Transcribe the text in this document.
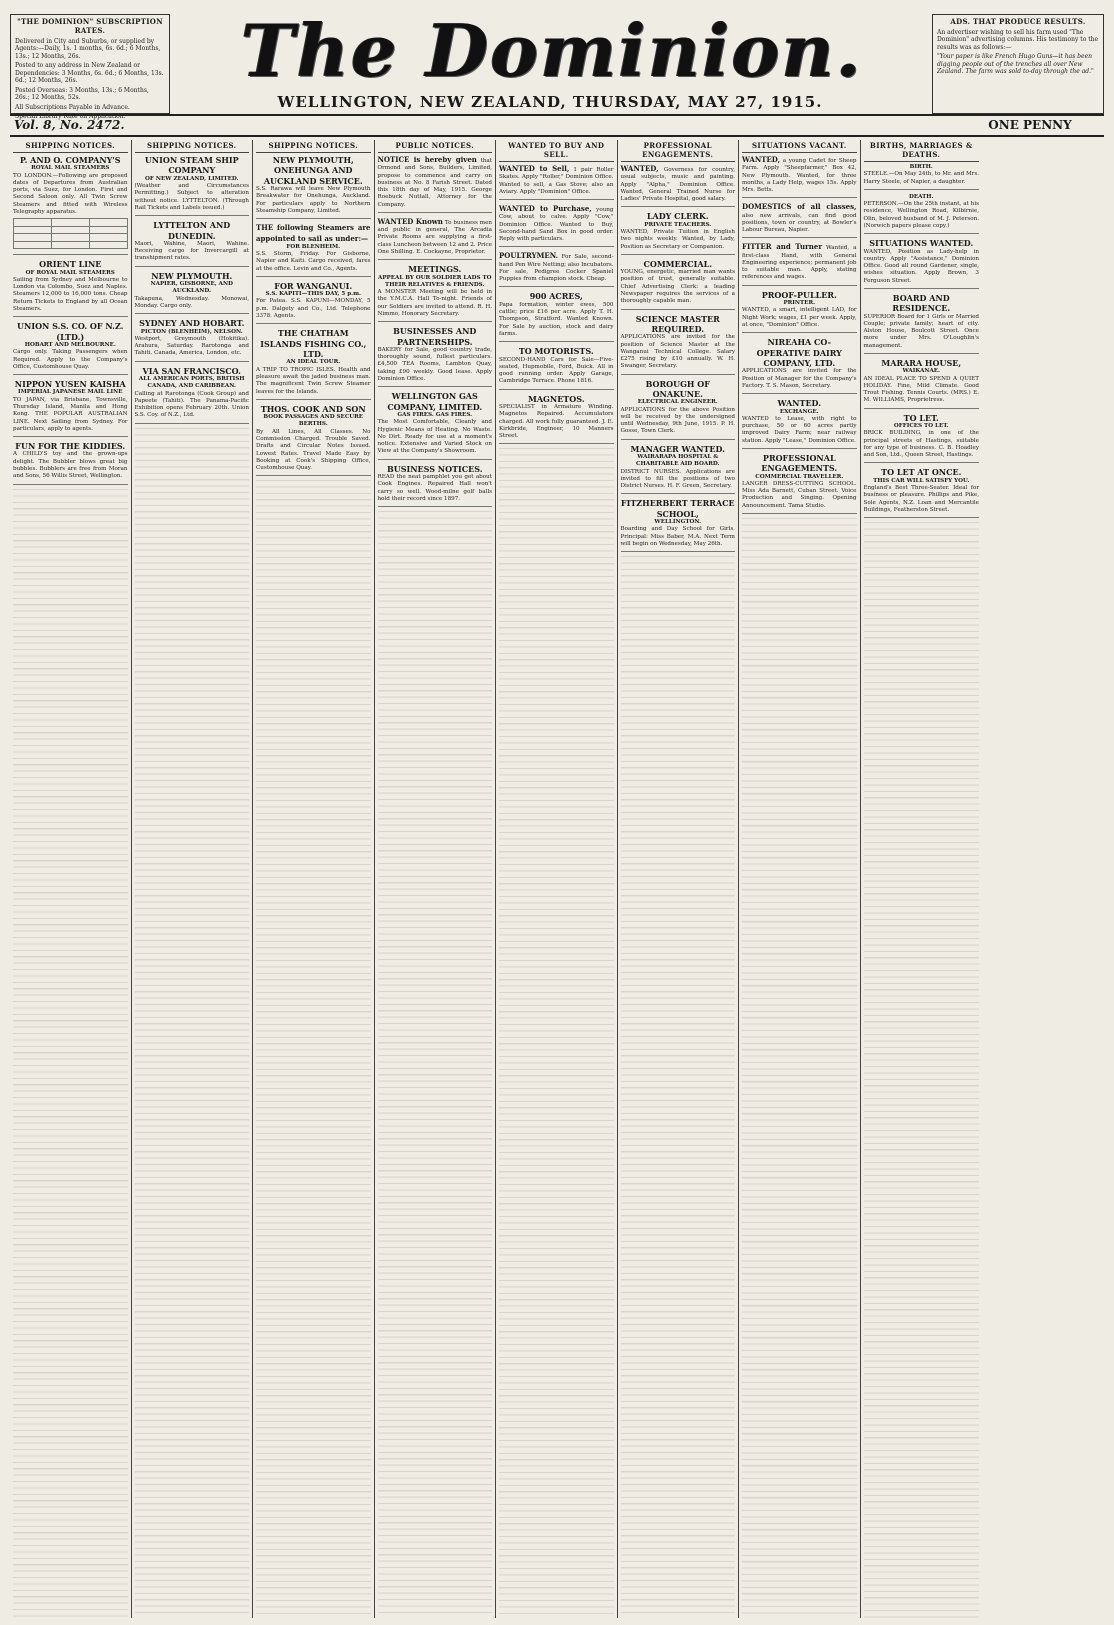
"THE DOMINION" SUBSCRIPTION RATES.

Delivered in City and Suburbs, or supplied by Agents:—Daily, 1s. 1 months, 6s. 6d.; 6 Months, 13s.; 12 Months, 26s.

Posted to any address in New Zealand or Dependencies: 3 Months, 6s. 6d.; 6 Months, 13s. 6d.; 12 Months, 26s.

Posted Overseas: 3 Months, 13s.; 6 Months, 26s.; 12 Months, 52s.

All Subscriptions Payable in Advance.

Special Library Rate on Application.

The Dominion.	ADS. THAT PRODUCE RESULTS.

An advertiser wishing to sell his farm used "The Dominion" advertising columns. His testimony to the results was as follows:—

"Your paper is like French Hugo Guns—it has been digging people out of the trenches all over New Zealand. The farm was sold to-day through the ad."

WELLINGTON, NEW ZEALAND, THURSDAY, MAY 27, 1915.
Vol. 8, No. 2472.	ONE PENNY
SHIPPING NOTICES.
P. AND O. COMPANY'S
ROYAL MAIL STEAMERS
TO LONDON.—Following are proposed dates of Departures from Australian ports, via Suez, for London. First and Second Saloon only. All Twin Screw Steamers and fitted with Wireless Telegraphy apparatus.

ORIENT LINE
OF ROYAL MAIL STEAMERS
Sailing from Sydney and Melbourne to London via Colombo, Suez and Naples. Steamers 12,000 to 16,000 tons. Cheap Return Tickets to England by all Ocean Steamers.
UNION S.S. CO. OF N.Z. (LTD.)
HOBART AND MELBOURNE.
Cargo only. Taking Passengers when Required. Apply to the Company's Office, Customhouse Quay.
NIPPON YUSEN KAISHA
IMPERIAL JAPANESE MAIL LINE
TO JAPAN, via Brisbane, Townsville, Thursday Island, Manila and Hong Kong. THE POPULAR AUSTRALIAN LINE. Next Sailing from Sydney. For particulars, apply to agents.
FUN FOR THE KIDDIES.
A CHILD'S toy and the grown-ups delight. The Bubbler blows great big bubbles. Bubblers are free from Moran and Sons, 56 Willis Street, Wellington.
SHIPPING NOTICES.
UNION STEAM SHIP COMPANY
OF NEW ZEALAND, LIMITED.
(Weather and Circumstances Permitting.) Subject to alteration without notice. LYTTELTON. (Through Rail Tickets and Labels issued.)
LYTTELTON AND DUNEDIN.
Maori, Wahine, Maori, Wahine. Receiving cargo for Invercargill at transhipment rates.
NEW PLYMOUTH.
NAPIER, GISBORNE, AND AUCKLAND.
Takapuna, Wednesday. Monowai, Monday. Cargo only.
SYDNEY AND HOBART.
PICTON (BLENHEIM), NELSON.
Westport, Greymouth (Hokitika). Arahura, Saturday. Rarotonga and Tahiti. Canada, America, London, etc.
VIA SAN FRANCISCO.
ALL AMERICAN PORTS, BRITISH CANADA, AND CARIBBEAN.
Calling at Rarotonga (Cook Group) and Papeete (Tahiti). The Panama-Pacific Exhibition opens February 20th. Union S.S. Coy. of N.Z., Ltd.
SHIPPING NOTICES.
NEW PLYMOUTH, ONEHUNGA AND AUCKLAND SERVICE.
S.S. Rarawa will leave New Plymouth Breakwater for Onehunga, Auckland. For particulars apply to Northern Steamship Company, Limited.
THE following Steamers are appointed to sail as under:—
FOR BLENHEIM.
S.S. Storm, Friday. For Gisborne, Napier and Kaiti. Cargo received, fares at the office. Levin and Co., Agents.
FOR WANGANUI.
S.S. KAPITI—THIS DAY, 5 p.m.
For Patea. S.S. KAPUNI—MONDAY, 5 p.m. Dalgety and Co., Ltd. Telephone 3378. Agents.
THE CHATHAM ISLANDS FISHING CO., LTD.
AN IDEAL TOUR.
A TRIP TO TROPIC ISLES. Health and pleasure await the jaded business man. The magnificent Twin Screw Steamer leaves for the Islands.
THOS. COOK AND SON
BOOK PASSAGES AND SECURE BERTHS.
By All Lines, All Classes. No Commission Charged. Trouble Saved. Drafts and Circular Notes Issued. Lowest Rates. Travel Made Easy by Booking at Cook's Shipping Office, Customhouse Quay.
PUBLIC NOTICES.
NOTICE is hereby given that Ormond and Sons, Builders, Limited, propose to commence and carry on business at No. 8 Farish Street. Dated this 18th day of May, 1915. George Roebuck Nuttall, Attorney for the Company.
WANTED Known To business men and public in general, The Arcadia Private Rooms are supplying a first-class Luncheon between 12 and 2. Price One Shilling. E. Cockayne, Proprietor.
MEETINGS.
APPEAL BY OUR SOLDIER LADS TO THEIR RELATIVES & FRIENDS.
A MONSTER Meeting will be held in the Y.M.C.A. Hall To-night. Friends of our Soldiers are invited to attend. R. H. Nimmo, Honorary Secretary.
BUSINESSES AND PARTNERSHIPS.
BAKERY for Sale, good country trade, thoroughly sound, fullest particulars. £4,500 TEA Rooms, Lambton Quay, taking £90 weekly. Good lease. Apply Dominion Office.
WELLINGTON GAS COMPANY, LIMITED.
GAS FIRES. GAS FIRES.
The Most Comfortable, Cleanly and Hygienic Means of Heating. No Waste. No Dirt. Ready for use at a moment's notice. Extensive and Varied Stock on View at the Company's Showroom.
BUSINESS NOTICES.
READ the neat pamphlet you get about Cook Engines. Repaired Hall won't carry so well. Wood-milne golf balls hold their record since 1897.
WANTED TO BUY AND SELL.
WANTED to Sell, 1 pair Roller Skates. Apply "Roller," Dominion Office. Wanted to sell, a Gas Stove; also an Aviary. Apply "Dominion" Office.
WANTED to Purchase, young Cow, about to calve. Apply "Cow," Dominion Office. Wanted to Buy, Second-hand Sand Box in good order. Reply with particulars.
POULTRYMEN. For Sale, second-hand Pen Wire Netting; also Incubators. For sale, Pedigree Cocker Spaniel Puppies from champion stock. Cheap.
900 ACRES,
Papa formation, winter ewes, 500 cattle; price £16 per acre. Apply T. H. Thompson, Stratford. Wanted Known. For Sale by auction, stock and dairy farms.
TO MOTORISTS.
SECOND-HAND Cars for Sale—Five-seated, Hupmobile, Ford, Buick. All in good running order. Apply Garage, Cambridge Terrace. Phone 1816.
MAGNETOS.
SPECIALIST in Armature Winding. Magnetos Repaired. Accumulators charged. All work fully guaranteed. J. E. Kirkbride, Engineer, 10 Manners Street.
PROFESSIONAL ENGAGEMENTS.
WANTED, Governess for country, usual subjects, music and painting. Apply "Alpha," Dominion Office. Wanted, General Trained Nurse for Ladies' Private Hospital, good salary.
LADY CLERK.
PRIVATE TEACHERS.
WANTED, Private Tuition in English two nights weekly. Wanted, by Lady, Position as Secretary or Companion.
COMMERCIAL.
YOUNG, energetic, married man wants position of trust, generally suitable. Chief Advertising Clerk: a leading Newspaper requires the services of a thoroughly capable man.
SCIENCE MASTER REQUIRED.
APPLICATIONS are invited for the position of Science Master at the Wanganui Technical College. Salary £275 rising by £10 annually. W. H. Swanger, Secretary.
BOROUGH OF ONAKUNE.
ELECTRICAL ENGINEER.
APPLICATIONS for the above Position will be received by the undersigned until Wednesday, 9th June, 1915. P. H. Gosse, Town Clerk.
MANAGER WANTED.
WAIRARAPA HOSPITAL & CHARITABLE AID BOARD.
DISTRICT NURSES. Applications are invited to fill the positions of two District Nurses. H. F. Green, Secretary.
FITZHERBERT TERRACE SCHOOL,
WELLINGTON.
Boarding and Day School for Girls. Principal: Miss Baber, M.A. Next Term will begin on Wednesday, May 26th.
SITUATIONS VACANT.
WANTED, a young Cadet for Sheep Farm. Apply "Sheepfarmer," Box 42, New Plymouth. Wanted, for three months, a Lady Help, wages 15s. Apply Mrs. Betts.
DOMESTICS of all classes, also new arrivals, can find good positions, town or country, at Bowler's Labour Bureau, Napier.
FITTER and Turner Wanted, a first-class Hand, with General Engineering experience; permanent job to suitable man. Apply, stating references and wages.
PROOF-PULLER.
PRINTER.
WANTED, a smart, intelligent LAD, for Night Work; wages, £1 per week. Apply, at once, "Dominion" Office.
NIREAHA CO-OPERATIVE DAIRY COMPANY, LTD.
APPLICATIONS are invited for the Position of Manager for the Company's Factory. T. S. Mason, Secretary.
WANTED.
EXCHANGE.
WANTED to Lease, with right to purchase, 50 or 60 acres partly improved Dairy Farm; near railway station. Apply "Lease," Dominion Office.
PROFESSIONAL ENGAGEMENTS.
COMMERCIAL TRAVELLER.
LANGER DRESS-CUTTING SCHOOL. Miss Ada Barnett, Cuban Street. Voice Production and Singing. Opening Announcement. Tama Studio.
BIRTHS, MARRIAGES & DEATHS.
BIRTH.
STEELE.—On May 24th, to Mr. and Mrs. Harry Steele, of Napier, a daughter.
DEATH.
PETERSON.—On the 25th instant, at his residence, Wellington Road, Kilbirnie, Olin, beloved husband of M. J. Peterson. (Norwich papers please copy.)
SITUATIONS WANTED.
WANTED, Position as Lady-help in country. Apply "Assistance," Dominion Office. Good all round Gardener, single, wishes situation. Apply Brown, 3 Ferguson Street.
BOARD AND RESIDENCE.
SUPERIOR Board for 1 Girls or Married Couple; private family; heart of city. Alston House, Boulcott Street. Once more under Mrs. O'Loughlin's management.
MARARA HOUSE,
WAIKANAE.
AN IDEAL PLACE TO SPEND A QUIET HOLIDAY. Fine, Mild Climate. Good Trout Fishing. Tennis Courts. (MRS.) E. M. WILLIAMS, Proprietress.
TO LET.
OFFICES TO LET.
BRICK BUILDING, in one of the principal streets of Hastings, suitable for any type of business. C. B. Hoadley and Son, Ltd., Queen Street, Hastings.
TO LET AT ONCE.
THIS CAR WILL SATISFY YOU.
England's Best Three-Seater. Ideal for business or pleasure. Phillips and Pike, Sole Agents, N.Z. Loan and Mercantile Buildings, Featherston Street.
